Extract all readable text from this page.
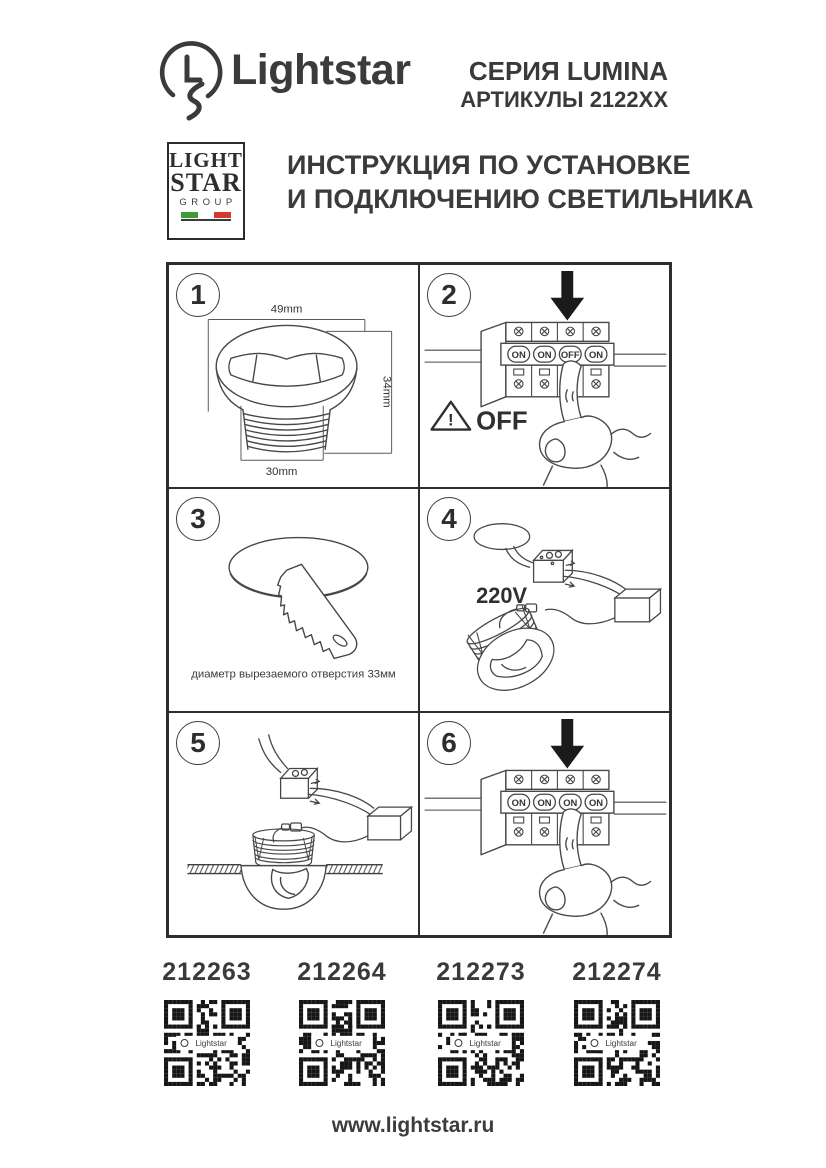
Lightstar	СЕРИЯ LUMINA
АРТИКУЛЫ 2122XX
LIGHT
STAR
GROUP
ИНСТРУКЦИЯ ПО УСТАНОВКЕ
И ПОДКЛЮЧЕНИЮ СВЕТИЛЬНИКА
1	49mm
34mm
30mm
2
ON ON OFF ON
! OFF
3
диаметр вырезаемого отверстия 33мм
4
220V
5	6
ON ON ON ON
212263
Lightstar
212264
Lightstar
212273
Lightstar
212274
Lightstar
www.lightstar.ru
